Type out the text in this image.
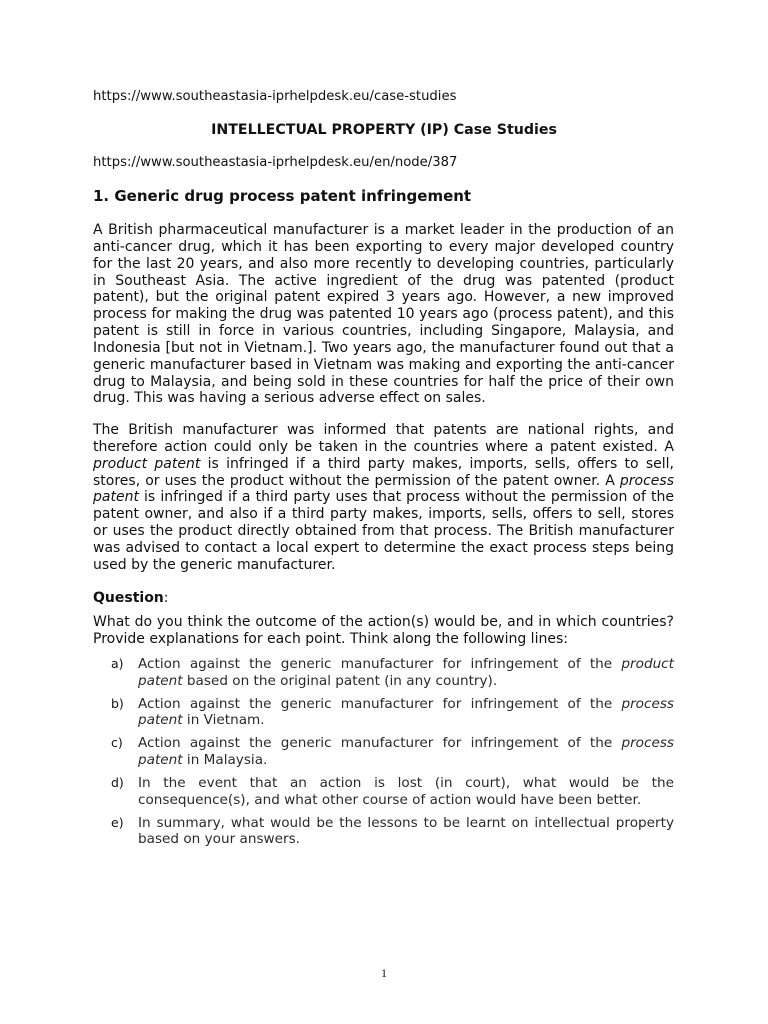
https://www.southeastasia-iprhelpdesk.eu/case-studies
INTELLECTUAL PROPERTY (IP) Case Studies
https://www.southeastasia-iprhelpdesk.eu/en/node/387
1. Generic drug process patent infringement

A British pharmaceutical manufacturer is a market leader in the production of an anti-cancer drug, which it has been exporting to every major developed country for the last 20 years, and also more recently to developing countries, particularly in Southeast Asia. The active ingredient of the drug was patented (product patent), but the original patent expired 3 years ago. However, a new improved process for making the drug was patented 10 years ago (process patent), and this patent is still in force in various countries, including Singapore, Malaysia, and Indonesia [but not in Vietnam.]. Two years ago, the manufacturer found out that a generic manufacturer based in Vietnam was making and exporting the anti-cancer drug to Malaysia, and being sold in these countries for half the price of their own drug. This was having a serious adverse effect on sales.

The British manufacturer was informed that patents are national rights, and therefore action could only be taken in the countries where a patent existed. A product patent is infringed if a third party makes, imports, sells, offers to sell, stores, or uses the product without the permission of the patent owner. A process patent is infringed if a third party uses that process without the permission of the patent owner, and also if a third party makes, imports, sells, offers to sell, stores or uses the product directly obtained from that process. The British manufacturer was advised to contact a local expert to determine the exact process steps being used by the generic manufacturer.

Question:

What do you think the outcome of the action(s) would be, and in which countries? Provide explanations for each point. Think along the following lines:

a) Action against the generic manufacturer for infringement of the product patent based on the original patent (in any country).
b) Action against the generic manufacturer for infringement of the process patent in Vietnam.
c) Action against the generic manufacturer for infringement of the process patent in Malaysia.
d) In the event that an action is lost (in court), what would be the consequence(s), and what other course of action would have been better.
e) In summary, what would be the lessons to be learnt on intellectual property based on your answers.
1
